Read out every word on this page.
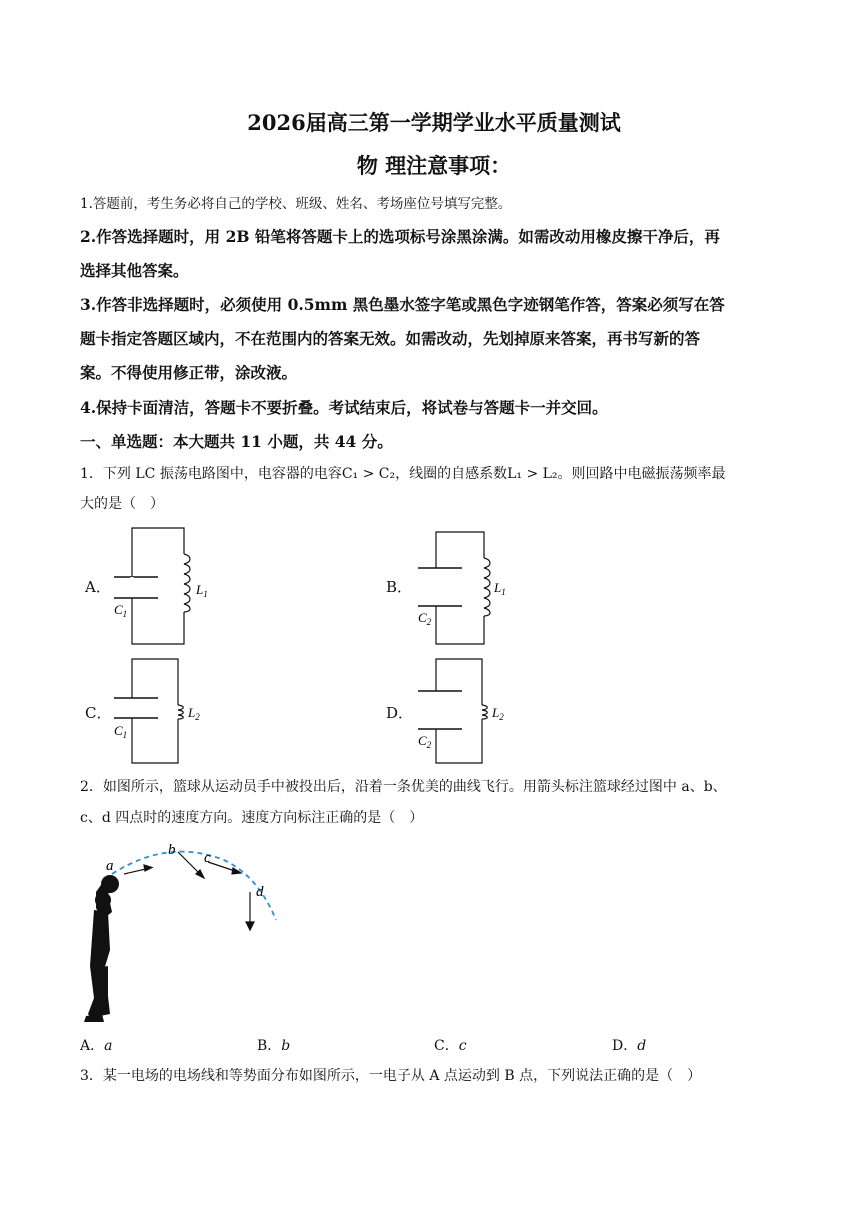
2026届高三第一学期学业水平质量测试
物 理注意事项：
1.答题前，考生务必将自己的学校、班级、姓名、考场座位号填写完整。
2.作答选择题时，用 2B 铅笔将答题卡上的选项标号涂黑涂满。如需改动用橡皮擦干净后，再
选择其他答案。
3.作答非选择题时，必须使用 0.5mm 黑色墨水签字笔或黑色字迹钢笔作答，答案必须写在答
题卡指定答题区域内，不在范围内的答案无效。如需改动，先划掉原来答案，再书写新的答
案。不得使用修正带，涂改液。
4.保持卡面清洁，答题卡不要折叠。考试结束后，将试卷与答题卡一并交回。
一、单选题：本大题共 11 小题，共 44 分。
1．下列 LC 振荡电路图中，电容器的电容C₁ > C₂，线圈的自感系数L₁ > L₂。则回路中电磁振荡频率最
大的是（　）
A．
$C_1$
$L_1$	B．
$C_2$
$L_1$
C．
$C_1$
$L_2$	D．
$C_2$
$L_2$
2．如图所示，篮球从运动员手中被投出后，沿着一条优美的曲线飞行。用箭头标注篮球经过图中 a、b、
c、d 四点时的速度方向。速度方向标注正确的是（　）
a
b c
d
A．a	B．b	C．c	D．d
3．某一电场的电场线和等势面分布如图所示，一电子从 A 点运动到 B 点，下列说法正确的是（　）
